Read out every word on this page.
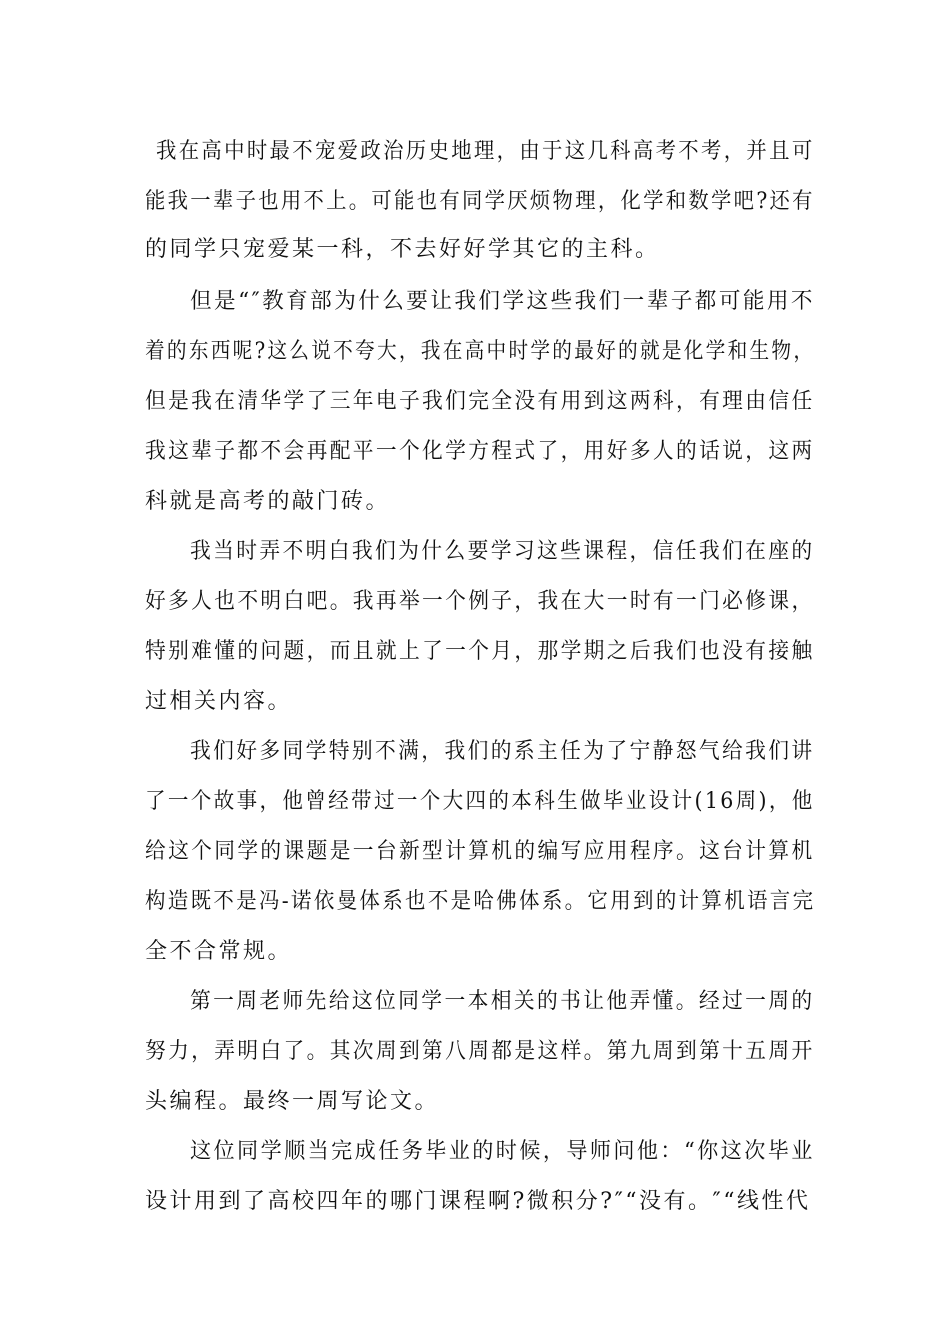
我在高中时最不宠爱政治历史地理，由于这几科高考不考，并且可
能我一辈子也用不上。可能也有同学厌烦物理，化学和数学吧?还有
的同学只宠爱某一科，不去好好学其它的主科。
但是“″教育部为什么要让我们学这些我们一辈子都可能用不
着的东西呢?这么说不夸大，我在高中时学的最好的就是化学和生物，
但是我在清华学了三年电子我们完全没有用到这两科，有理由信任
我这辈子都不会再配平一个化学方程式了，用好多人的话说，这两
科就是高考的敲门砖。
我当时弄不明白我们为什么要学习这些课程，信任我们在座的
好多人也不明白吧。我再举一个例子，我在大一时有一门必修课，
特别难懂的问题，而且就上了一个月，那学期之后我们也没有接触
过相关内容。
我们好多同学特别不满，我们的系主任为了宁静怒气给我们讲
了一个故事，他曾经带过一个大四的本科生做毕业设计(16周)，他
给这个同学的课题是一台新型计算机的编写应用程序。这台计算机
构造既不是冯-诺依曼体系也不是哈佛体系。它用到的计算机语言完
全不合常规。
第一周老师先给这位同学一本相关的书让他弄懂。经过一周的
努力，弄明白了。其次周到第八周都是这样。第九周到第十五周开
头编程。最终一周写论文。
这位同学顺当完成任务毕业的时候，导师问他：“你这次毕业
设计用到了高校四年的哪门课程啊?微积分?″“没有。″“线性代
